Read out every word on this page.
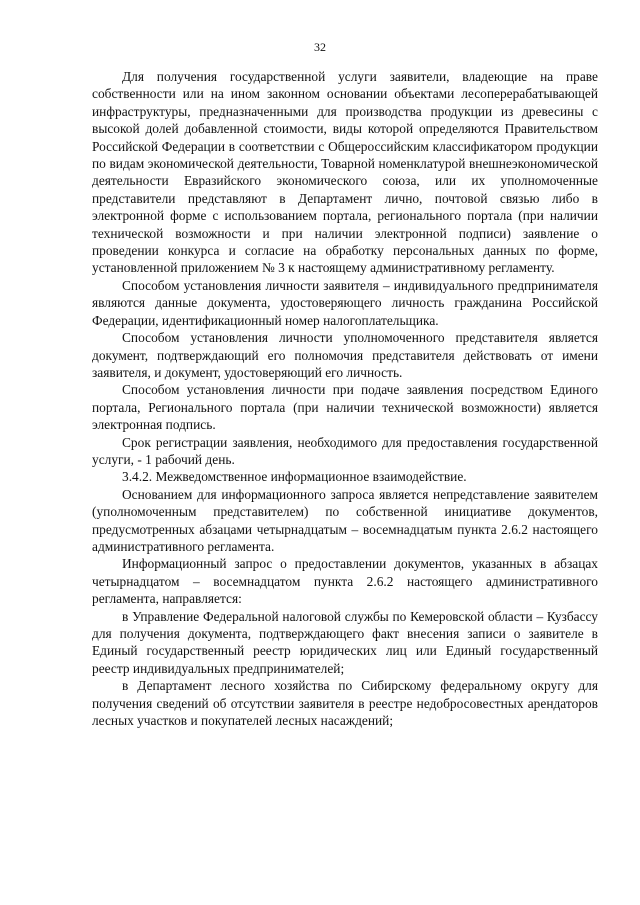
32

Для получения государственной услуги заявители, владеющие на праве собственности или на ином законном основании объектами лесоперерабатывающей инфраструктуры, предназначенными для производства продукции из древесины с высокой долей добавленной стоимости, виды которой определяются Правительством Российской Федерации в соответствии с Общероссийским классификатором продукции по видам экономической деятельности, Товарной номенклатурой внешнеэкономической деятельности Евразийского экономического союза, или их уполномоченные представители представляют в Департамент лично, почтовой связью либо в электронной форме с использованием портала, регионального портала (при наличии технической возможности и при наличии электронной подписи) заявление о проведении конкурса и согласие на обработку персональных данных по форме, установленной приложением № 3 к настоящему административному регламенту.

Способом установления личности заявителя – индивидуального предпринимателя являются данные документа, удостоверяющего личность гражданина Российской Федерации, идентификационный номер налогоплательщика.

Способом установления личности уполномоченного представителя является документ, подтверждающий его полномочия представителя действовать от имени заявителя, и документ, удостоверяющий его личность.

Способом установления личности при подаче заявления посредством Единого портала, Регионального портала (при наличии технической возможности) является электронная подпись.

Срок регистрации заявления, необходимого для предоставления государственной услуги, - 1 рабочий день.

3.4.2. Межведомственное информационное взаимодействие.

Основанием для информационного запроса является непредставление заявителем (уполномоченным представителем) по собственной инициативе документов, предусмотренных абзацами четырнадцатым – восемнадцатым пункта 2.6.2 настоящего административного регламента.

Информационный запрос о предоставлении документов, указанных в абзацах четырнадцатом – восемнадцатом пункта 2.6.2 настоящего административного регламента, направляется:

в Управление Федеральной налоговой службы по Кемеровской области – Кузбассу для получения документа, подтверждающего факт внесения записи о заявителе в Единый государственный реестр юридических лиц или Единый государственный реестр индивидуальных предпринимателей;

в Департамент лесного хозяйства по Сибирскому федеральному округу для получения сведений об отсутствии заявителя в реестре недобросовестных арендаторов лесных участков и покупателей лесных насаждений;
